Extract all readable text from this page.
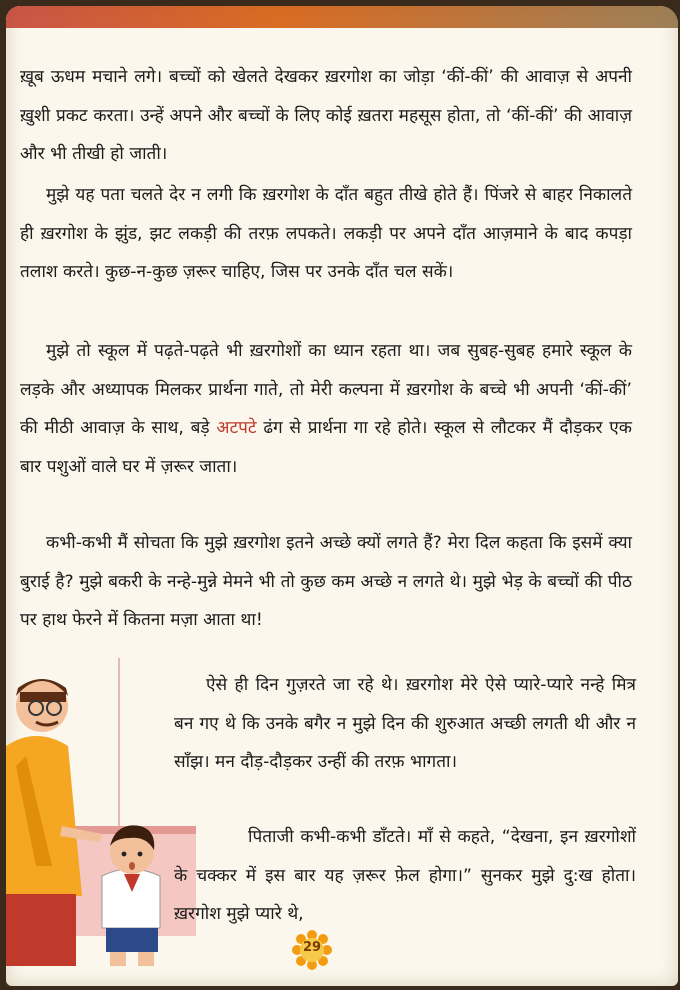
ख़ूब ऊधम मचाने लगे। बच्चों को खेलते देखकर ख़रगोश का जोड़ा ‘कीं-कीं’ की आवाज़ से अपनी ख़ुशी प्रकट करता। उन्हें अपने और बच्चों के लिए कोई ख़तरा महसूस होता, तो ‘कीं-कीं’ की आवाज़ और भी तीखी हो जाती।

मुझे यह पता चलते देर न लगी कि ख़रगोश के दाँत बहुत तीखे होते हैं। पिंजरे से बाहर निकालते ही ख़रगोश के झुंड, झट लकड़ी की तरफ़ लपकते। लकड़ी पर अपने दाँत आज़माने के बाद कपड़ा तलाश करते। कुछ-न-कुछ ज़रूर चाहिए, जिस पर उनके दाँत चल सकें।

मुझे तो स्कूल में पढ़ते-पढ़ते भी ख़रगोशों का ध्यान रहता था। जब सुबह-सुबह हमारे स्कूल के लड़के और अध्यापक मिलकर प्रार्थना गाते, तो मेरी कल्पना में ख़रगोश के बच्चे भी अपनी ‘कीं-कीं’ की मीठी आवाज़ के साथ, बड़े अटपटे ढंग से प्रार्थना गा रहे होते। स्कूल से लौटकर मैं दौड़कर एक बार पशुओं वाले घर में ज़रूर जाता।

कभी-कभी मैं सोचता कि मुझे ख़रगोश इतने अच्छे क्यों लगते हैं? मेरा दिल कहता कि इसमें क्या बुराई है? मुझे बकरी के नन्हे-मुन्ने मेमने भी तो कुछ कम अच्छे न लगते थे। मुझे भेड़ के बच्चों की पीठ पर हाथ फेरने में कितना मज़ा आता था!

ऐसे ही दिन गुज़रते जा रहे थे। ख़रगोश मेरे ऐसे प्यारे-प्यारे नन्हे मित्र बन गए थे कि उनके बगैर न मुझे दिन की शुरुआत अच्छी लगती थी और न साँझ। मन दौड़-दौड़कर उन्हीं की तरफ़ भागता।

पिताजी कभी-कभी डाँटते। माँ से कहते, “देखना, इन ख़रगोशों के चक्कर में इस बार यह ज़रूर फ़ेल होगा।” सुनकर मुझे दु:ख होता। ख़रगोश मुझे प्यारे थे,

29
